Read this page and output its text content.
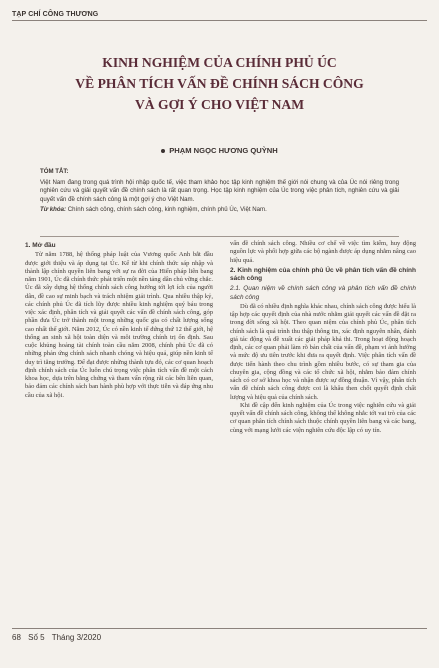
TẠP CHÍ CÔNG THƯƠNG
KINH NGHIỆM CỦA CHÍNH PHỦ ÚC
VỀ PHÂN TÍCH VẤN ĐỀ CHÍNH SÁCH CÔNG
VÀ GỢI Ý CHO VIỆT NAM
PHẠM NGỌC HƯƠNG QUỲNH
TÓM TẮT:

Việt Nam đang trong quá trình hội nhập quốc tế, việc tham khảo học tập kinh nghiệm thế giới nói chung và của Úc nói riêng trong nghiên cứu và giải quyết vấn đề chính sách là rất quan trọng. Học tập kinh nghiệm của Úc trong việc phân tích, nghiên cứu và giải quyết vấn đề chính sách công là một gợi ý cho Việt Nam.

Từ khóa: Chính sách công, chính sách công, kinh nghiệm, chính phủ Úc, Việt Nam.

1. Mở đầu

Từ năm 1788, hệ thống pháp luật của Vương quốc Anh bắt đầu được giới thiệu và áp dụng tại Úc. Kể từ khi chính thức sáp nhập và thành lập chính quyền liên bang với sự ra đời của Hiến pháp liên bang năm 1901, Úc đã chính thức phát triển một nền tảng dân chủ vững chắc. Úc đã xây dựng hệ thống chính sách công hướng tới lợi ích của người dân, đề cao sự minh bạch và trách nhiệm giải trình. Qua nhiều thập kỷ, các chính phủ Úc đã tích lũy được nhiều kinh nghiệm quý báu trong việc xác định, phân tích và giải quyết các vấn đề chính sách công, góp phần đưa Úc trở thành một trong những quốc gia có chất lượng sống cao nhất thế giới. Năm 2012, Úc có nền kinh tế đứng thứ 12 thế giới, hệ thống an sinh xã hội toàn diện và môi trường chính trị ổn định. Sau cuộc khủng hoảng tài chính toàn cầu năm 2008, chính phủ Úc đã có những phản ứng chính sách nhanh chóng và hiệu quả, giúp nền kinh tế duy trì tăng trưởng. Để đạt được những thành tựu đó, các cơ quan hoạch định chính sách của Úc luôn chú trọng việc phân tích vấn đề một cách khoa học, dựa trên bằng chứng và tham vấn rộng rãi các bên liên quan, bảo đảm các chính sách ban hành phù hợp với thực tiễn và đáp ứng nhu cầu của xã hội.

vấn đề chính sách công. Nhiều cơ chế về việc tìm kiếm, huy động nguồn lực và phối hợp giữa các bộ ngành được áp dụng nhằm nâng cao hiệu quả.

2. Kinh nghiệm của chính phủ Úc về phân tích vấn đề chính sách công

2.1. Quan niệm về chính sách công và phân tích vấn đề chính sách công

Dù đã có nhiều định nghĩa khác nhau, chính sách công được hiểu là tập hợp các quyết định của nhà nước nhằm giải quyết các vấn đề đặt ra trong đời sống xã hội. Theo quan niệm của chính phủ Úc, phân tích chính sách là quá trình thu thập thông tin, xác định nguyên nhân, đánh giá tác động và đề xuất các giải pháp khả thi. Trong hoạt động hoạch định, các cơ quan phải làm rõ bản chất của vấn đề, phạm vi ảnh hưởng và mức độ ưu tiên trước khi đưa ra quyết định. Việc phân tích vấn đề được tiến hành theo chu trình gồm nhiều bước, có sự tham gia của chuyên gia, cộng đồng và các tổ chức xã hội, nhằm bảo đảm chính sách có cơ sở khoa học và nhận được sự đồng thuận. Vì vậy, phân tích vấn đề chính sách công được coi là khâu then chốt quyết định chất lượng và hiệu quả của chính sách.

Khi đề cập đến kinh nghiệm của Úc trong việc nghiên cứu và giải quyết vấn đề chính sách công, không thể không nhắc tới vai trò của các cơ quan phân tích chính sách thuộc chính quyền liên bang và các bang, cùng với mạng lưới các viện nghiên cứu độc lập có uy tín.

68 Số 5 Tháng 3/2020
